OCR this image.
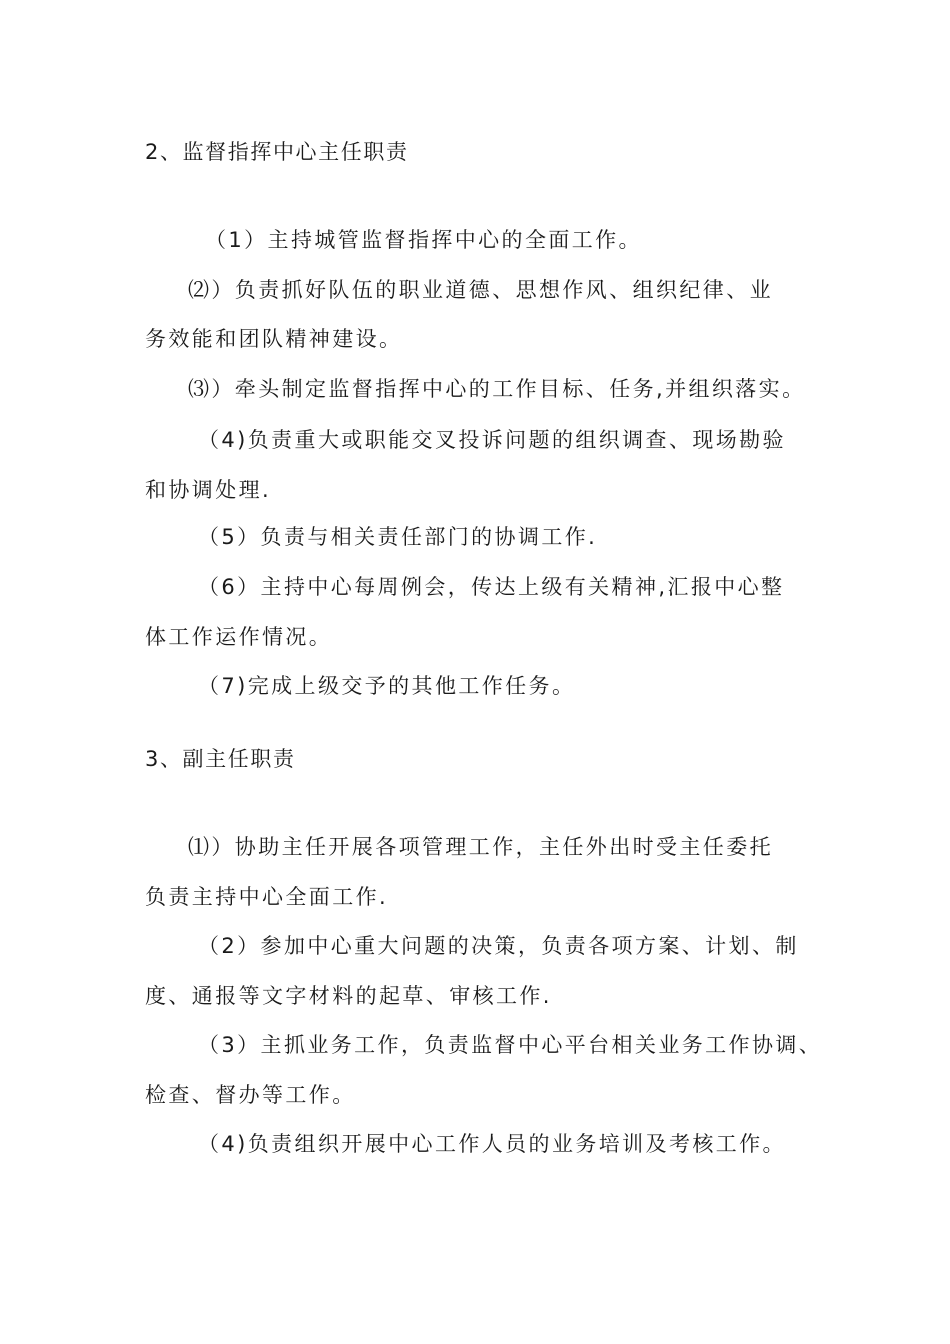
2、监督指挥中心主任职责
（1）主持城管监督指挥中心的全面工作。
⑵）负责抓好队伍的职业道德、思想作风、组织纪律、业
务效能和团队精神建设。
⑶）牵头制定监督指挥中心的工作目标、任务,并组织落实。
（4)负责重大或职能交叉投诉问题的组织调查、现场勘验
和协调处理.
（5）负责与相关责任部门的协调工作.
（6）主持中心每周例会，传达上级有关精神,汇报中心整
体工作运作情况。
（7)完成上级交予的其他工作任务。
3、副主任职责
⑴）协助主任开展各项管理工作，主任外出时受主任委托
负责主持中心全面工作.
（2）参加中心重大问题的决策，负责各项方案、计划、制
度、通报等文字材料的起草、审核工作.
（3）主抓业务工作，负责监督中心平台相关业务工作协调、
检查、督办等工作。
（4)负责组织开展中心工作人员的业务培训及考核工作。
